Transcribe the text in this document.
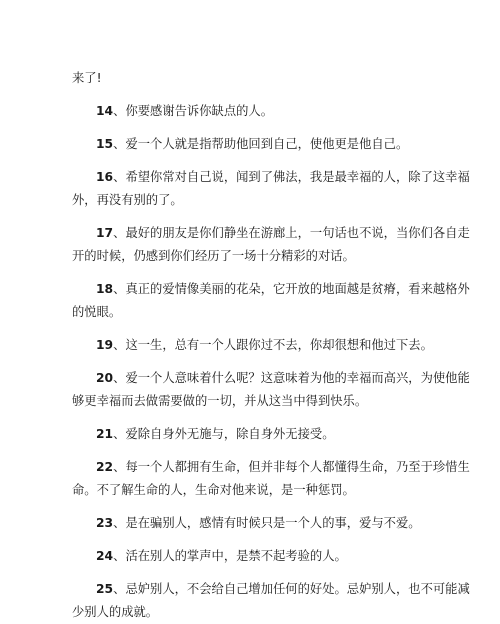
来了!

14、你要感谢告诉你缺点的人。

15、爱一个人就是指帮助他回到自己，使他更是他自己。

16、希望你常对自己说，闻到了佛法，我是最幸福的人，除了这幸福外，再没有别的了。

17、最好的朋友是你们静坐在游廊上，一句话也不说，当你们各自走开的时候，仍感到你们经历了一场十分精彩的对话。

18、真正的爱情像美丽的花朵，它开放的地面越是贫瘠，看来越格外的悦眼。

19、这一生，总有一个人跟你过不去，你却很想和他过下去。

20、爱一个人意味着什么呢？这意味着为他的幸福而高兴，为使他能够更幸福而去做需要做的一切，并从这当中得到快乐。

21、爱除自身外无施与，除自身外无接受。

22、每一个人都拥有生命，但并非每个人都懂得生命，乃至于珍惜生命。不了解生命的人，生命对他来说，是一种惩罚。

23、是在骗别人，感情有时候只是一个人的事，爱与不爱。

24、活在别人的掌声中，是禁不起考验的人。

25、忌妒别人，不会给自己增加任何的好处。忌妒别人，也不可能减少别人的成就。
